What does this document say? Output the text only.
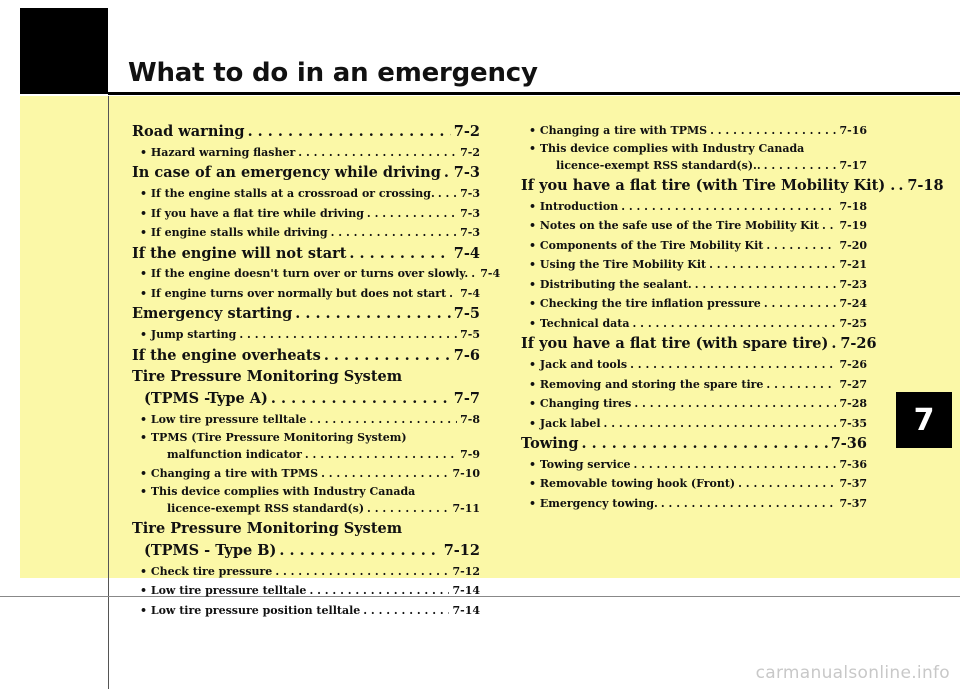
What to do in an emergency
7
Road warning . . .	7-2
• Hazard warning flasher . . .	7-2
In case of an emergency while driving . . . 7-3
• If the engine stalls at a crossroad or crossing. . . . 7-3
• If you have a flat tire while driving . . .	7-3
• If engine stalls while driving . . .	7-3
If the engine will not start . . .	7-4
• If the engine doesn't turn over or turns over slowly. . . . 7-4
• If engine turns over normally but does not start . . . 7-4
Emergency starting . . .	7-5
• Jump starting . . .	7-5
If the engine overheats . . .	7-6
Tire Pressure Monitoring System
(TPMS -Type A) . . .	7-7
• Low tire pressure telltale . . .	7-8
• TPMS (Tire Pressure Monitoring System)
malfunction indicator . . .	7-9
• Changing a tire with TPMS . . .	7-10
• This device complies with Industry Canada
licence-exempt RSS standard(s) . . .	7-11
Tire Pressure Monitoring System
(TPMS - Type B) . . .	7-12
• Check tire pressure . . .	7-12
• Low tire pressure telltale . . .	7-14
• Low tire pressure position telltale . . .	7-14
• Changing a tire with TPMS . . .	7-16
• This device complies with Industry Canada
licence-exempt RSS standard(s).. . . .	7-17
If you have a flat tire (with Tire Mobility Kit) . . . . 7-18
• Introduction . . .	7-18
• Notes on the safe use of the Tire Mobility Kit . . . 7-19
• Components of the Tire Mobility Kit . . .	7-20
• Using the Tire Mobility Kit . . .	7-21
• Distributing the sealant. . . .	7-23
• Checking the tire inflation pressure . . .	7-24
• Technical data . . .	7-25
If you have a flat tire (with spare tire) . . . 7-26
• Jack and tools . . .	7-26
• Removing and storing the spare tire . . .	7-27
• Changing tires . . .	7-28
• Jack label . . .	7-35
Towing . . .	7-36
• Towing service . . .	7-36
• Removable towing hook (Front) . . .	7-37
• Emergency towing. . . .	7-37
carmanualsonline.info
